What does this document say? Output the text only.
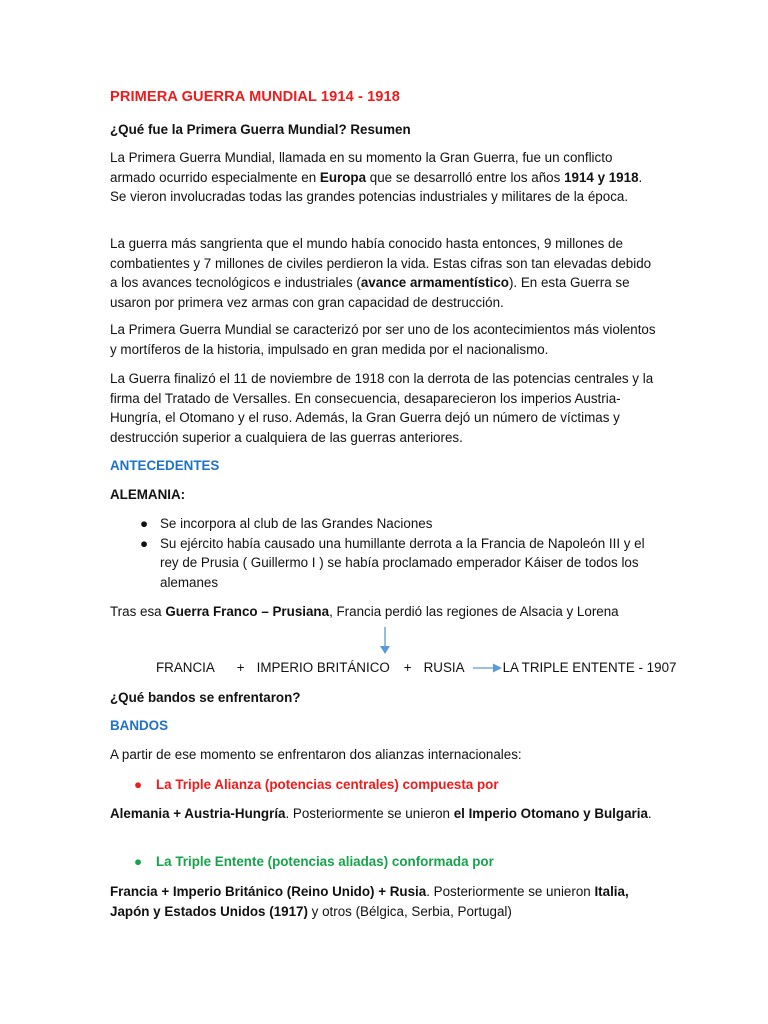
PRIMERA GUERRA MUNDIAL 1914 - 1918

¿Qué fue la Primera Guerra Mundial? Resumen

La Primera Guerra Mundial, llamada en su momento la Gran Guerra, fue un conflicto armado ocurrido especialmente en Europa que se desarrolló entre los años 1914 y 1918. Se vieron involucradas todas las grandes potencias industriales y militares de la época.

La guerra más sangrienta que el mundo había conocido hasta entonces, 9 millones de combatientes y 7 millones de civiles perdieron la vida. Estas cifras son tan elevadas debido a los avances tecnológicos e industriales (avance armamentístico). En esta Guerra se usaron por primera vez armas con gran capacidad de destrucción.

La Primera Guerra Mundial se caracterizó por ser uno de los acontecimientos más violentos y mortíferos de la historia, impulsado en gran medida por el nacionalismo.

La Guerra finalizó el 11 de noviembre de 1918 con la derrota de las potencias centrales y la firma del Tratado de Versalles. En consecuencia, desaparecieron los imperios Austria-Hungría, el Otomano y el ruso. Además, la Gran Guerra dejó un número de víctimas y destrucción superior a cualquiera de las guerras anteriores.

ANTECEDENTES

ALEMANIA:

● Se incorpora al club de las Grandes Naciones
● Su ejército había causado una humillante derrota a la Francia de Napoleón III y el rey de Prusia ( Guillermo I ) se había proclamado emperador Káiser de todos los alemanes

Tras esa Guerra Franco – Prusiana, Francia perdió las regiones de Alsacia y Lorena

FRANCIA + IMPERIO BRITÁNICO + RUSIA	LA TRIPLE ENTENTE - 1907

¿Qué bandos se enfrentaron?

BANDOS

A partir de ese momento se enfrentaron dos alianzas internacionales:

● La Triple Alianza (potencias centrales) compuesta por

Alemania + Austria-Hungría. Posteriormente se unieron el Imperio Otomano y Bulgaria.

● La Triple Entente (potencias aliadas) conformada por

Francia + Imperio Británico (Reino Unido) + Rusia. Posteriormente se unieron Italia, Japón y Estados Unidos (1917) y otros (Bélgica, Serbia, Portugal)
